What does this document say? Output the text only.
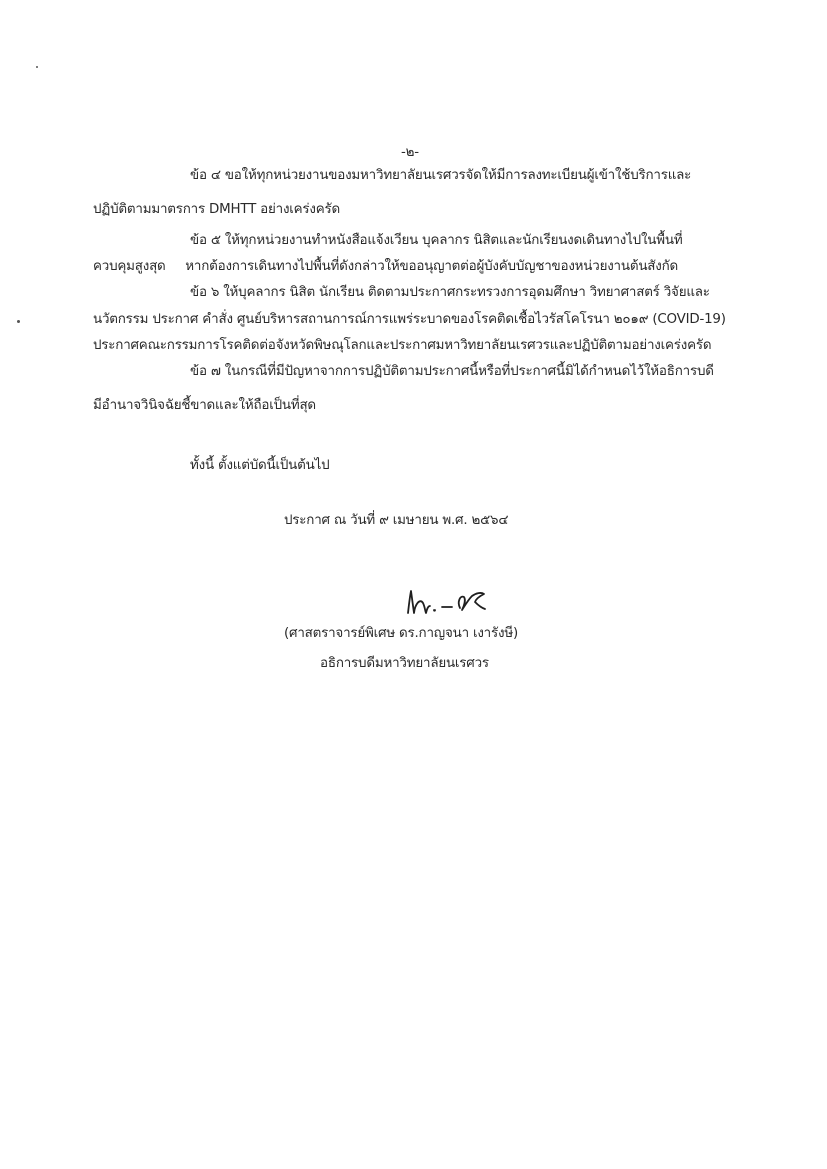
-๒-
ข้อ ๔ ขอให้ทุกหน่วยงานของมหาวิทยาลัยนเรศวรจัดให้มีการลงทะเบียนผู้เข้าใช้บริการและ
ปฏิบัติตามมาตรการ DMHTT อย่างเคร่งครัด
ข้อ ๕ ให้ทุกหน่วยงานทำหนังสือแจ้งเวียน บุคลากร นิสิตและนักเรียนงดเดินทางไปในพื้นที่
ควบคุมสูงสุด หากต้องการเดินทางไปพื้นที่ดังกล่าวให้ขออนุญาตต่อผู้บังคับบัญชาของหน่วยงานต้นสังกัด
ข้อ ๖ ให้บุคลากร นิสิต นักเรียน ติดตามประกาศกระทรวงการอุดมศึกษา วิทยาศาสตร์ วิจัยและ
นวัตกรรม ประกาศ คำสั่ง ศูนย์บริหารสถานการณ์การแพร่ระบาดของโรคติดเชื้อไวรัสโคโรนา ๒๐๑๙ (COVID-19)
ประกาศคณะกรรมการโรคติดต่อจังหวัดพิษณุโลกและประกาศมหาวิทยาลัยนเรศวรและปฏิบัติตามอย่างเคร่งครัด
ข้อ ๗ ในกรณีที่มีปัญหาจากการปฏิบัติตามประกาศนี้หรือที่ประกาศนี้มิได้กำหนดไว้ให้อธิการบดี
มีอำนาจวินิจฉัยชี้ขาดและให้ถือเป็นที่สุด
ทั้งนี้ ตั้งแต่บัดนี้เป็นต้นไป
ประกาศ ณ วันที่ ๙ เมษายน พ.ศ. ๒๕๖๔
(ศาสตราจารย์พิเศษ ดร.กาญจนา เงารังษี)
อธิการบดีมหาวิทยาลัยนเรศวร
